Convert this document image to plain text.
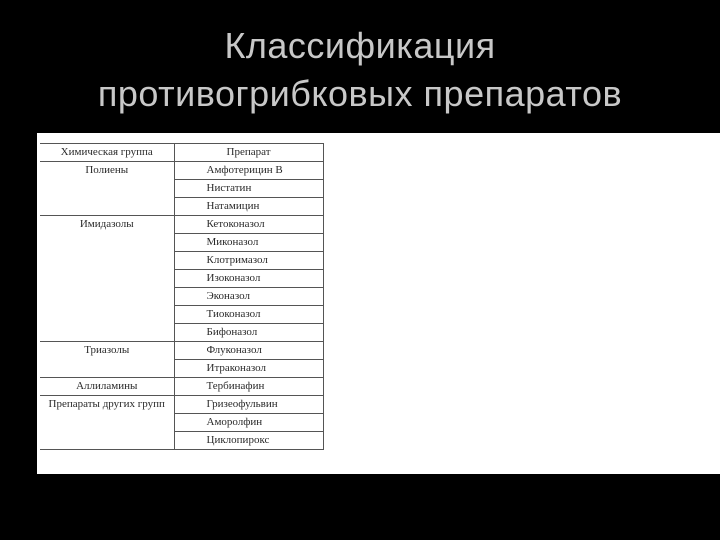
Классификация
противогрибковых препаратов
Химическая группа	Препарат
Полиены	Амфотерицин В
	Нистатин
	Натамицин
Имидазолы	Кетоконазол
	Миконазол
	Клотримазол
	Изоконазол
	Эконазол
	Тиоконазол
	Бифоназол
Триазолы	Флуконазол
	Итраконазол
Аллиламины	Тербинафин
Препараты других групп	Гризеофульвин
	Аморолфин
	Циклопирокс
